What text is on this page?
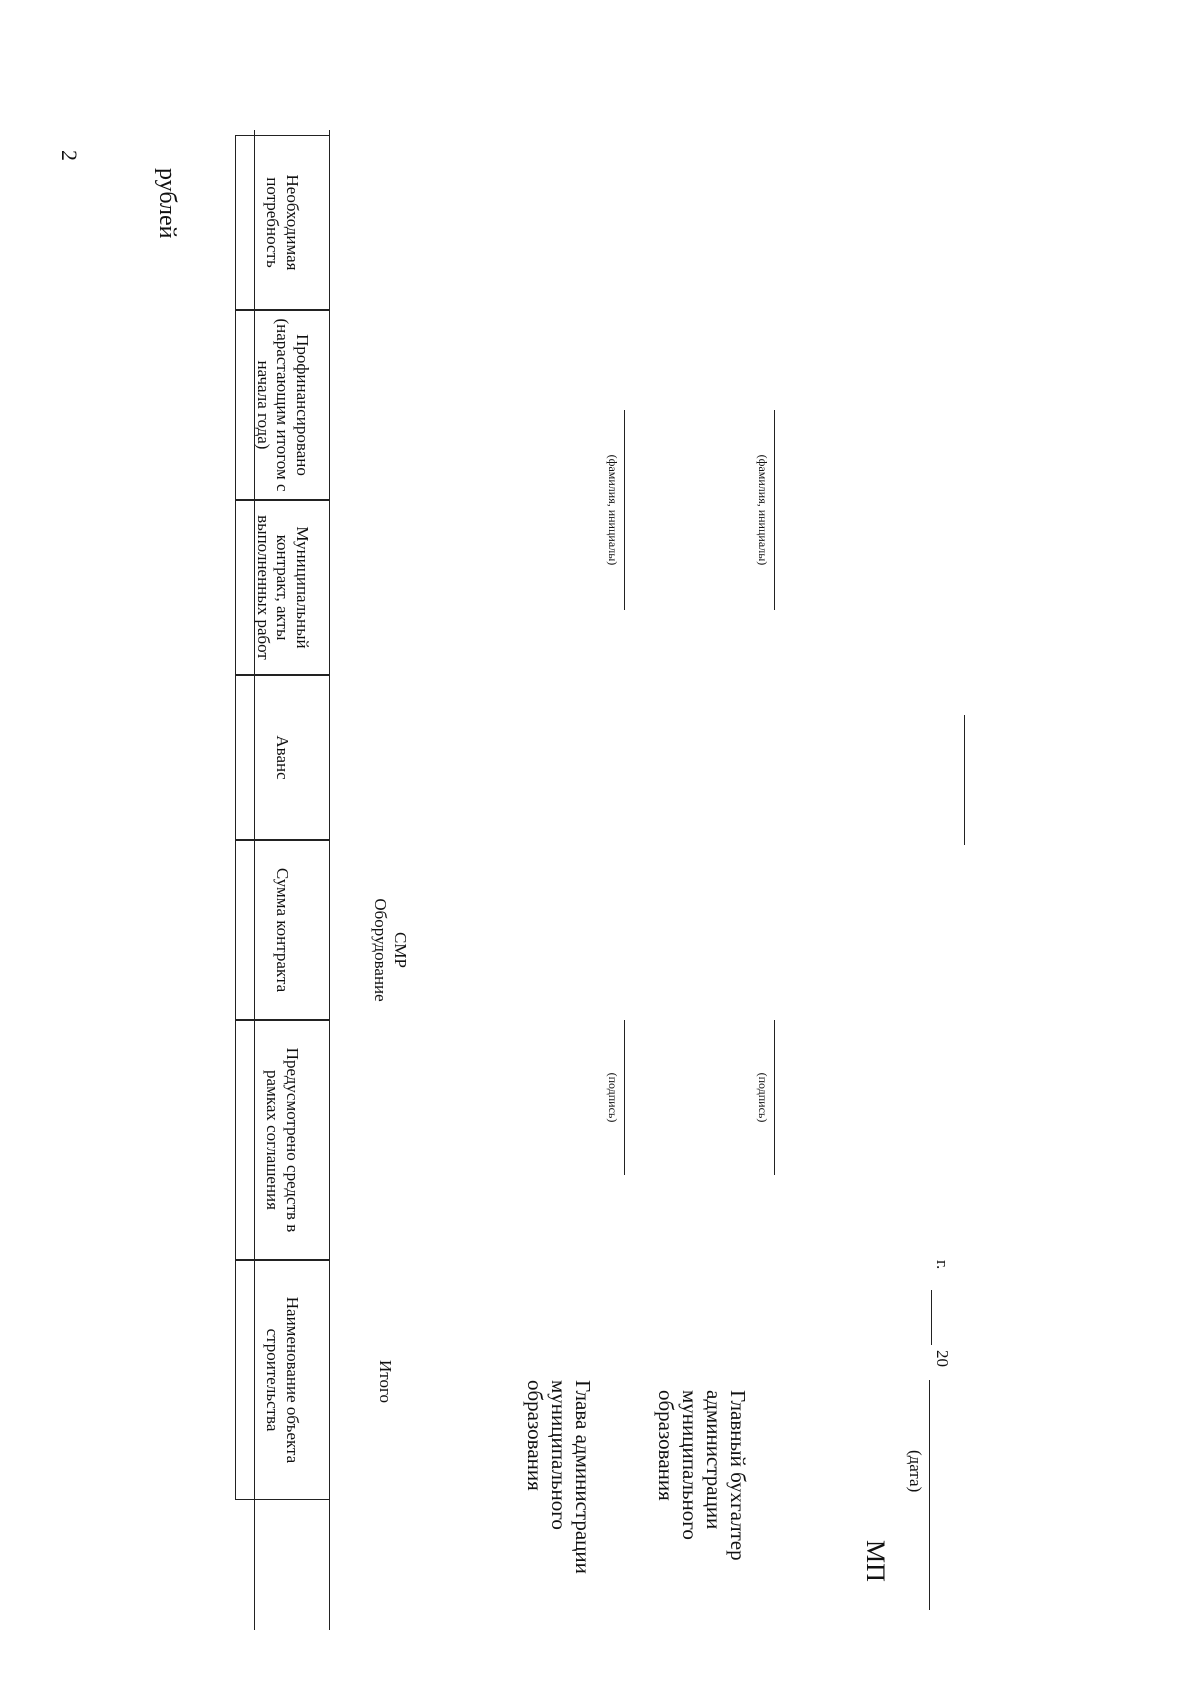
2
рублей	Необходимая потребность
Профинансировано (нарастающим итогом с начала года)
Муниципальный контракт, акты выполненных работ
Аванс
Сумма контракта
Предусмотрено средств в рамках соглашения
Наименование объекта строительства	Итого
СМР
Оборудование
Глава администрации муниципального образования
(подпись)
(фамилия, инициалы)
Главный бухгалтер администрации муниципального образования
(подпись)
(фамилия, инициалы)
МП
(дата)
20
г.
